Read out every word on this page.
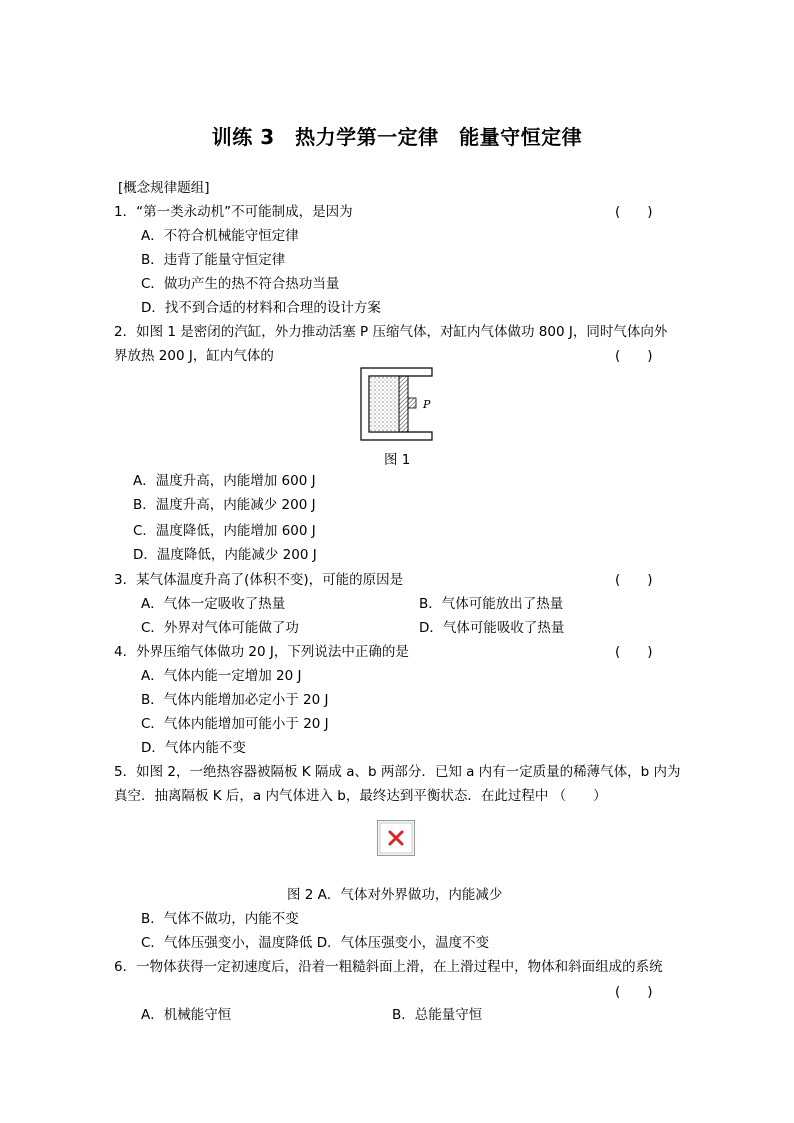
训练 3　热力学第一定律　能量守恒定律
[概念规律题组]
1．“第一类永动机”不可能制成，是因为	(　　)
A．不符合机械能守恒定律
B．违背了能量守恒定律
C．做功产生的热不符合热功当量
D．找不到合适的材料和合理的设计方案
2．如图 1 是密闭的汽缸，外力推动活塞 P 压缩气体，对缸内气体做功 800 J，同时气体向外
界放热 200 J，缸内气体的	(　　)
P
图 1
A．温度升高，内能增加 600 J
B．温度升高，内能减少 200 J
C．温度降低，内能增加 600 J
D．温度降低，内能减少 200 J
3．某气体温度升高了(体积不变)，可能的原因是	(　　)
A．气体一定吸收了热量	B．气体可能放出了热量
C．外界对气体可能做了功	D．气体可能吸收了热量
4．外界压缩气体做功 20 J，下列说法中正确的是	(　　)
A．气体内能一定增加 20 J
B．气体内能增加必定小于 20 J
C．气体内能增加可能小于 20 J
D．气体内能不变
5．如图 2，一绝热容器被隔板 K 隔成 a、b 两部分．已知 a 内有一定质量的稀薄气体，b 内为
真空．抽离隔板 K 后，a 内气体进入 b，最终达到平衡状态．在此过程中 （　　）
图 2 A．气体对外界做功，内能减少
B．气体不做功，内能不变
C．气体压强变小，温度降低 D．气体压强变小，温度不变
6．一物体获得一定初速度后，沿着一粗糙斜面上滑，在上滑过程中，物体和斜面组成的系统
(　　)
A．机械能守恒	B．总能量守恒
